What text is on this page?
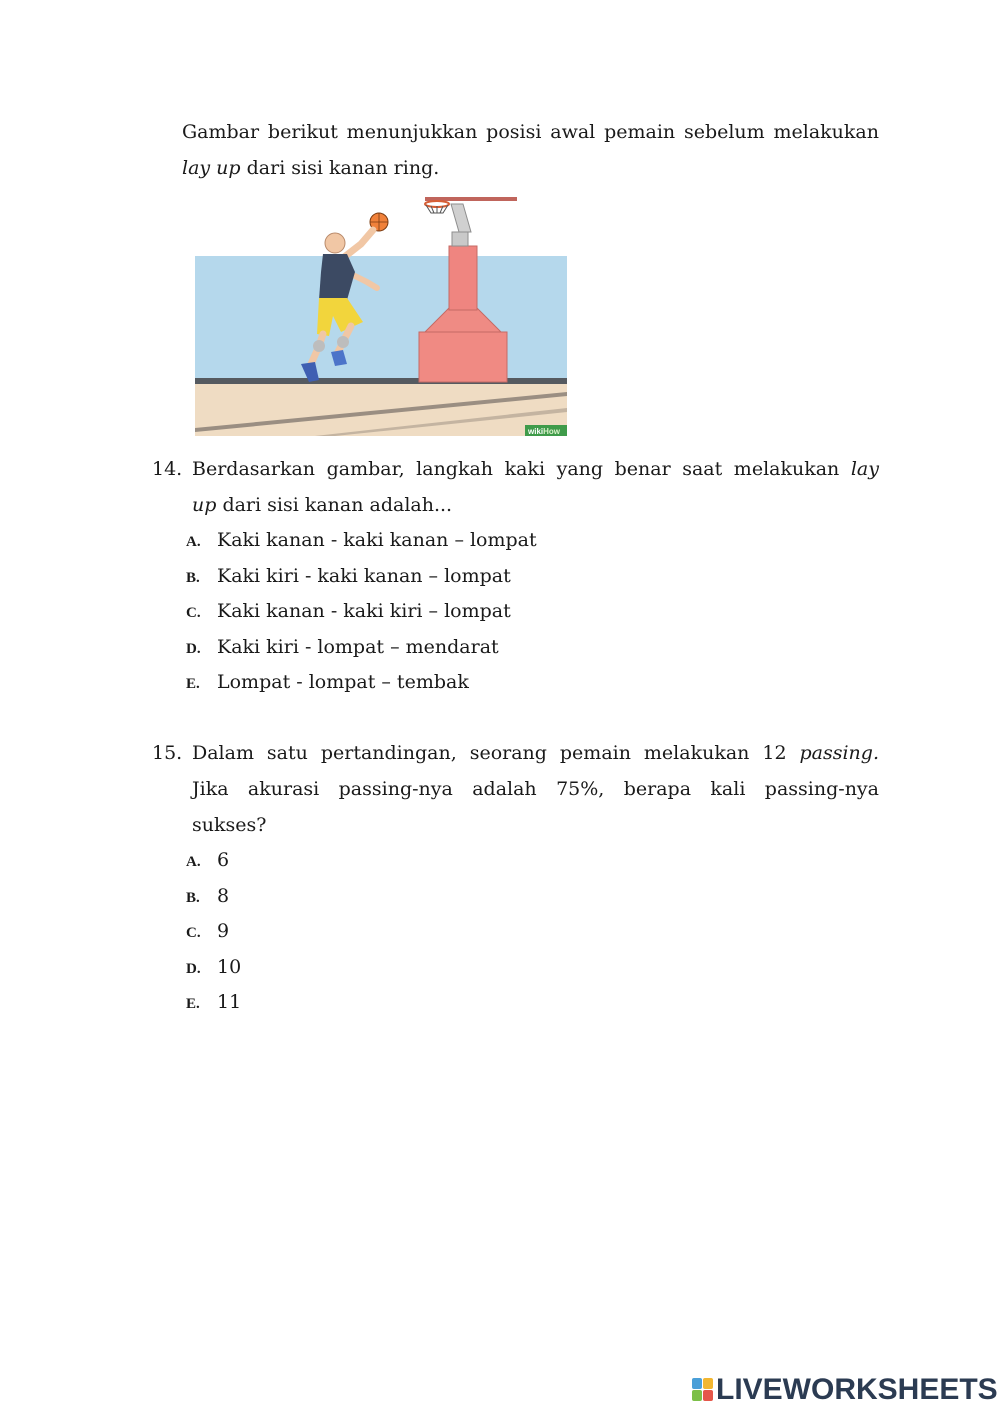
Gambar berikut menunjukkan posisi awal pemain sebelum melakukan

lay up dari sisi kanan ring.

wikiHow
14. Berdasarkan gambar, langkah kaki yang benar saat melakukan lay
up dari sisi kanan adalah...
A. Kaki kanan - kaki kanan – lompat
B. Kaki kiri - kaki kanan – lompat
C. Kaki kanan - kaki kiri – lompat
D. Kaki kiri - lompat – mendarat
E. Lompat - lompat – tembak
15. Dalam satu pertandingan, seorang pemain melakukan 12 passing.
Jika akurasi passing-nya adalah 75%, berapa kali passing-nya
sukses?
A. 6
B. 8
C. 9
D. 10
E. 11
LIVEWORKSHEETS
